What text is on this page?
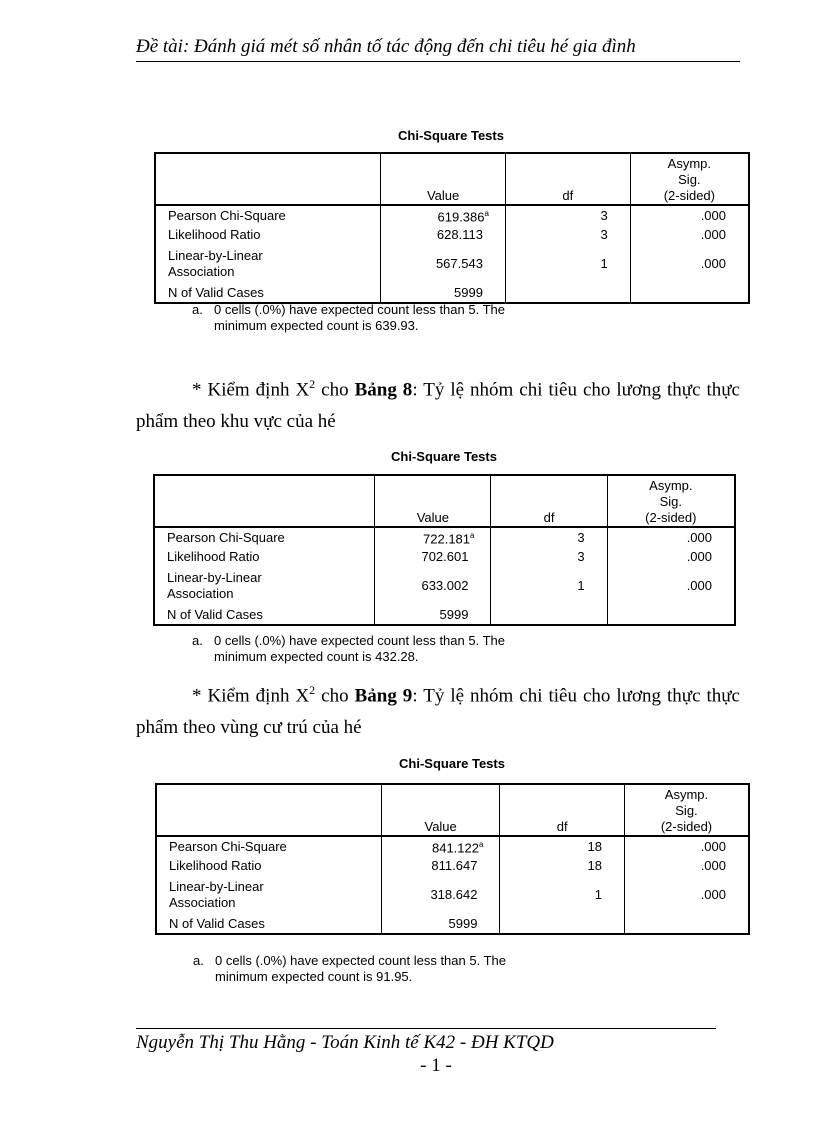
Đề tài: Đánh giá mét số nhân tố tác động đến chi tiêu hé gia đình
Chi-Square Tests
	Value	df	Asymp.
Sig.
(2-sided)
Pearson Chi-Square	619.386$^a$	3	.000
Likelihood Ratio	628.113	3	.000
Linear-by-Linear
Association	567.543	1	.000
N of Valid Cases	5999		
a. 0 cells (.0%) have expected count less than 5. The
minimum expected count is 639.93.
* Kiểm định $X^2$ cho Bảng 8: Tỷ lệ nhóm chi tiêu cho lương thực thực phẩm theo khu vực của hé
Chi-Square Tests
	Value	df	Asymp.
Sig.
(2-sided)
Pearson Chi-Square	722.181$^a$	3	.000
Likelihood Ratio	702.601	3	.000
Linear-by-Linear
Association	633.002	1	.000
N of Valid Cases	5999		
a. 0 cells (.0%) have expected count less than 5. The
minimum expected count is 432.28.
* Kiểm định $X^2$ cho Bảng 9: Tỷ lệ nhóm chi tiêu cho lương thực thực phẩm theo vùng cư trú của hé
Chi-Square Tests
	Value	df	Asymp.
Sig.
(2-sided)
Pearson Chi-Square	841.122$^a$	18	.000
Likelihood Ratio	811.647	18	.000
Linear-by-Linear
Association	318.642	1	.000
N of Valid Cases	5999		
a. 0 cells (.0%) have expected count less than 5. The
minimum expected count is 91.95.
Nguyễn Thị Thu Hằng - Toán Kinh tế K42 - ĐH KTQD
- 1 -
